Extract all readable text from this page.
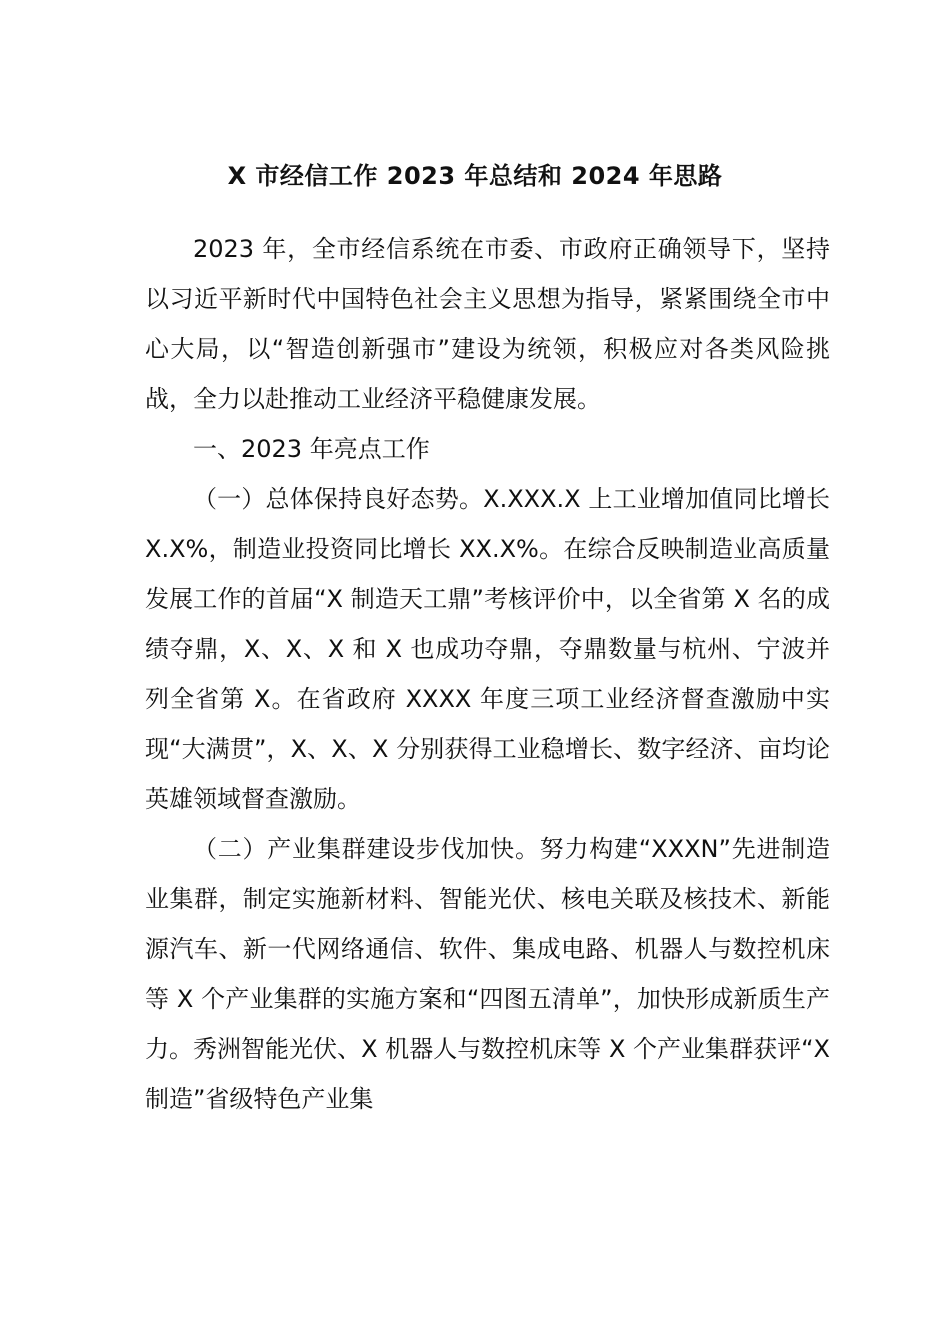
X 市经信工作 2023 年总结和 2024 年思路

2023 年，全市经信系统在市委、市政府正确领导下，坚持以习近平新时代中国特色社会主义思想为指导，紧紧围绕全市中心大局，以“智造创新强市”建设为统领，积极应对各类风险挑战，全力以赴推动工业经济平稳健康发展。

一、2023 年亮点工作

（一）总体保持良好态势。X.XXX.X 上工业增加值同比增长 X.X%，制造业投资同比增长 XX.X%。在综合反映制造业高质量发展工作的首届“X 制造天工鼎”考核评价中，以全省第 X 名的成绩夺鼎，X、X、X 和 X 也成功夺鼎，夺鼎数量与杭州、宁波并列全省第 X。在省政府 XXXX 年度三项工业经济督查激励中实现“大满贯”，X、X、X 分别获得工业稳增长、数字经济、亩均论英雄领域督查激励。

（二）产业集群建设步伐加快。努力构建“XXXN”先进制造业集群，制定实施新材料、智能光伏、核电关联及核技术、新能源汽车、新一代网络通信、软件、集成电路、机器人与数控机床等 X 个产业集群的实施方案和“四图五清单”，加快形成新质生产力。秀洲智能光伏、X 机器人与数控机床等 X 个产业集群获评“X 制造”省级特色产业集
